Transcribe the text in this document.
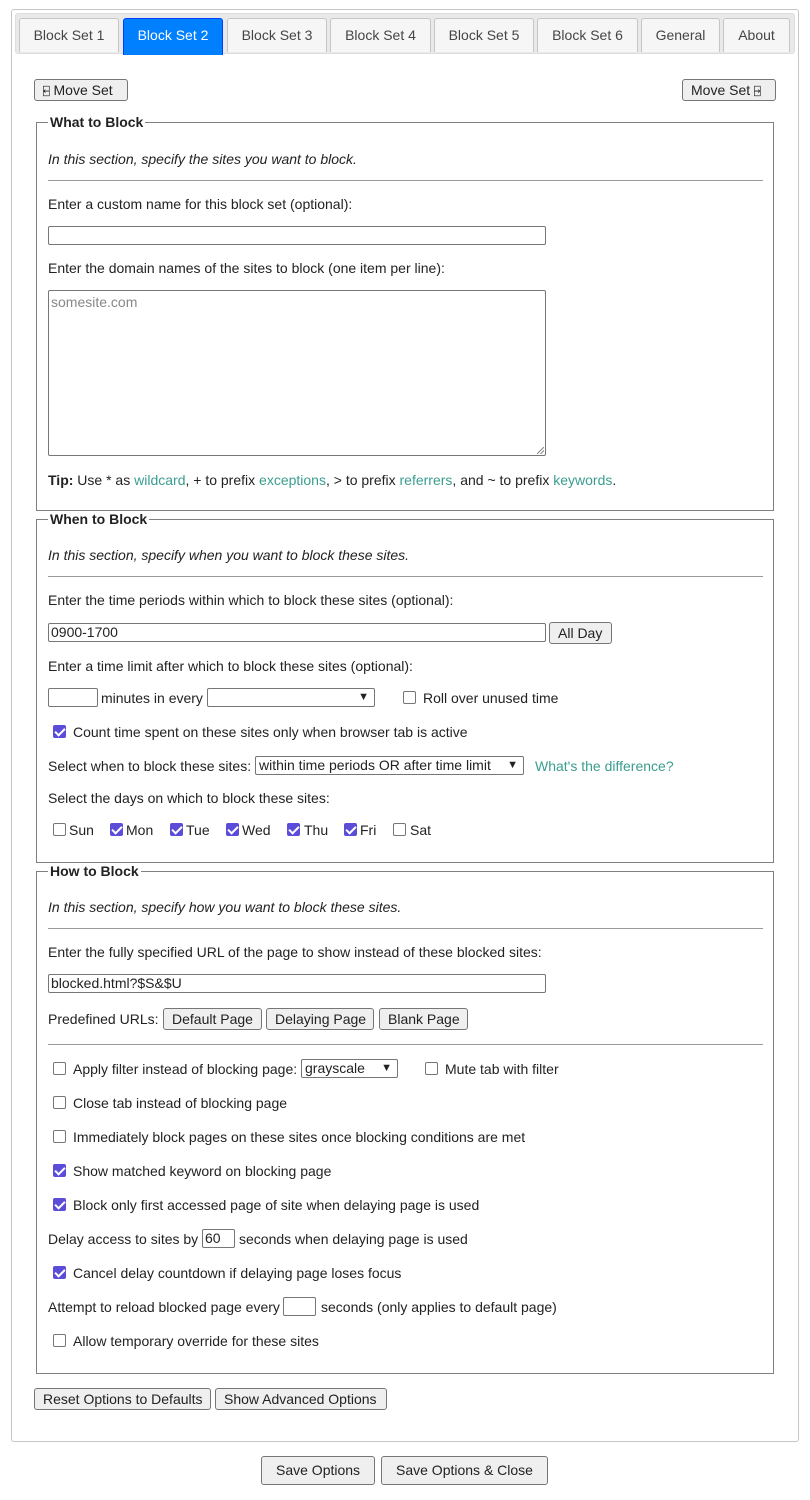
Block Set 1	Block Set 2	Block Set 3	Block Set 4	Block Set 5	Block Set 6	General	About
⍇ Move Set	Move Set ⍈
What to Block
In this section, specify the sites you want to block.
Enter a custom name for this block set (optional):
Enter the domain names of the sites to block (one item per line):
somesite.com
Tip: Use * as wildcard, + to prefix exceptions, > to prefix referrers, and ~ to prefix keywords.
When to Block
In this section, specify when you want to block these sites.
Enter the time periods within which to block these sites (optional):
0900-1700	All Day
Enter a time limit after which to block these sites (optional):
minutes in every	▼	Roll over unused time
Count time spent on these sites only when browser tab is active
Select when to block these sites: within time periods OR after time limit ▼ What's the difference?
Select the days on which to block these sites:
Sun Mon Tue Wed Thu Fri Sat
How to Block
In this section, specify how you want to block these sites.
Enter the fully specified URL of the page to show instead of these blocked sites:
blocked.html?$S&$U
Predefined URLs: Default Page	Delaying Page	Blank Page
Apply filter instead of blocking page: grayscale ▼	Mute tab with filter
Close tab instead of blocking page
Immediately block pages on these sites once blocking conditions are met
Show matched keyword on blocking page
Block only first accessed page of site when delaying page is used
Delay access to sites by 60	seconds when delaying page is used
Cancel delay countdown if delaying page loses focus
Attempt to reload blocked page every	seconds (only applies to default page)
Allow temporary override for these sites
Reset Options to Defaults	Show Advanced Options
Save Options	Save Options & Close
